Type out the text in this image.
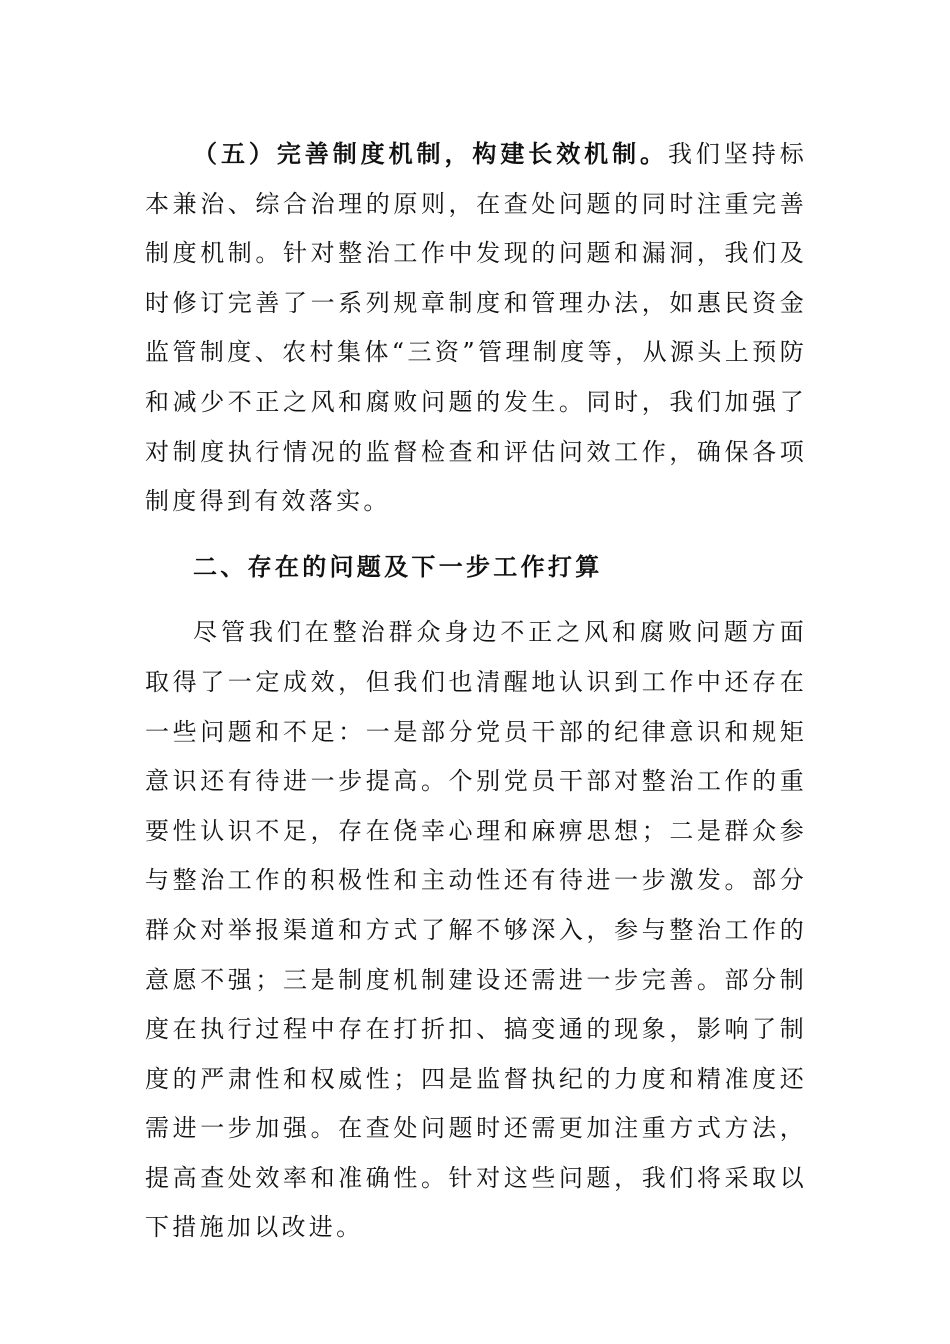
（五）完善制度机制，构建长效机制。我们坚持标本兼治、综合治理的原则，在查处问题的同时注重完善制度机制。针对整治工作中发现的问题和漏洞，我们及时修订完善了一系列规章制度和管理办法，如惠民资金监管制度、农村集体“三资”管理制度等，从源头上预防和减少不正之风和腐败问题的发生。同时，我们加强了对制度执行情况的监督检查和评估问效工作，确保各项制度得到有效落实。

二、存在的问题及下一步工作打算

尽管我们在整治群众身边不正之风和腐败问题方面取得了一定成效，但我们也清醒地认识到工作中还存在一些问题和不足：一是部分党员干部的纪律意识和规矩意识还有待进一步提高。个别党员干部对整治工作的重要性认识不足，存在侥幸心理和麻痹思想；二是群众参与整治工作的积极性和主动性还有待进一步激发。部分群众对举报渠道和方式了解不够深入，参与整治工作的意愿不强；三是制度机制建设还需进一步完善。部分制度在执行过程中存在打折扣、搞变通的现象，影响了制度的严肃性和权威性；四是监督执纪的力度和精准度还需进一步加强。在查处问题时还需更加注重方式方法，提高查处效率和准确性。针对这些问题，我们将采取以下措施加以改进。
